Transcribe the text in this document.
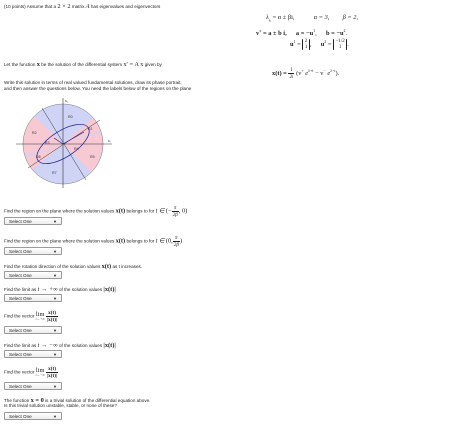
(10 points) Assume that a 2 × 2 matrix A has eigenvalues and eigenvectors
$\lambda_\pm = \alpha \pm \beta i$,	α = 3, β = 2,
v± = a ± b i, $a = -u^1$,  $b = -u^2$.
$u^1 = 2$
1 ,  $u^2 = -1/2$
1 .
Let the function x be the solution of the differential system x′ = A x given by
$x(t) = \frac{1}{2i} (v^+$ $e^{\lambda+t} - v^-$ $e^{\lambda-t}$).
Write this solution in terms of real valued fundamental solutions, draw its phase portrait,
and then answer the questions below. You need the labels below of the regions on the plane
x₂
x₁
R0
R1
R2
R3
R4
R5
R6
R7
Find the region on the plane where the solution values x(t) belongs to for t ∈ (− $\frac{\pi}{2\beta}$ , 0)
Select One	▼
Find the region on the plane where the solution values x(t) belongs to for t ∈ (0, $\frac{\pi}{2\beta}$ )
Select One	▼
Find the rotation direction of the solution values x(t) as t increases.
Select One	▼
Find the limit as t → +∞ of the solution values |x(t)|
Select One	▼
Find the vector lim
t→+∞
$\frac{x(t)}{|x(t)|}$
Select One	▼
Find the limit as t → −∞ of the solution values |x(t)|
Select One	▼
Find the vector lim
t→−∞
$\frac{x(t)}{|x(t)|}$
Select One	▼
The function x = 0 is a trivial solution of the differential equation above.
Is this trivial solution unstable, stable, or none of these?
Select One	▼
